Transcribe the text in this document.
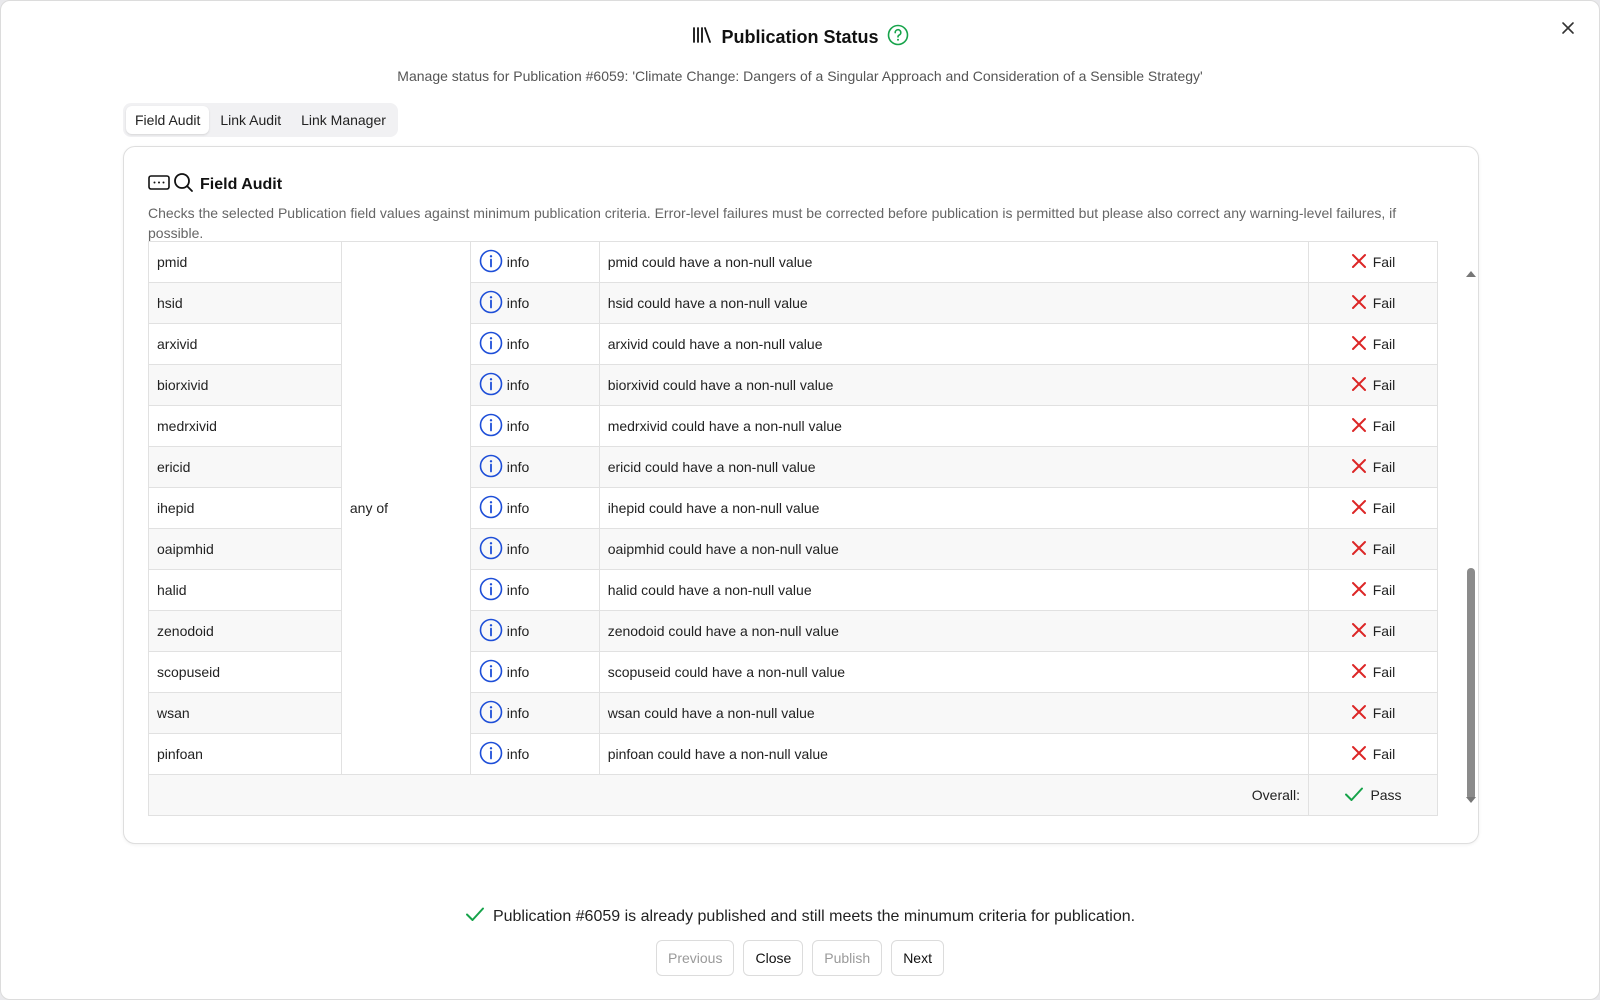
Publication Status
Manage status for Publication #6059: 'Climate Change: Dangers of a Singular Approach and Consideration of a Sensible Strategy'
Field Audit	Link Audit	Link Manager
Field Audit
Checks the selected Publication field values against minimum publication criteria. Error-level failures must be corrected before publication is permitted but please also correct any warning-level failures, if possible.
pmid	any of	info	pmid could have a non-null value	Fail

hsid		info	hsid could have a non-null value	Fail

arxivid		info	arxivid could have a non-null value	Fail

biorxivid		info	biorxivid could have a non-null value	Fail

medrxivid		info	medrxivid could have a non-null value	Fail

ericid		info	ericid could have a non-null value	Fail

ihepid		info	ihepid could have a non-null value	Fail

oaipmhid		info	oaipmhid could have a non-null value	Fail

halid		info	halid could have a non-null value	Fail

zenodoid		info	zenodoid could have a non-null value	Fail

scopuseid		info	scopuseid could have a non-null value	Fail

wsan		info	wsan could have a non-null value	Fail

pinfoan		info	pinfoan could have a non-null value	Fail

Overall:				Pass
Publication #6059 is already published and still meets the minumum criteria for publication.
Previous	Close	Publish	Next
